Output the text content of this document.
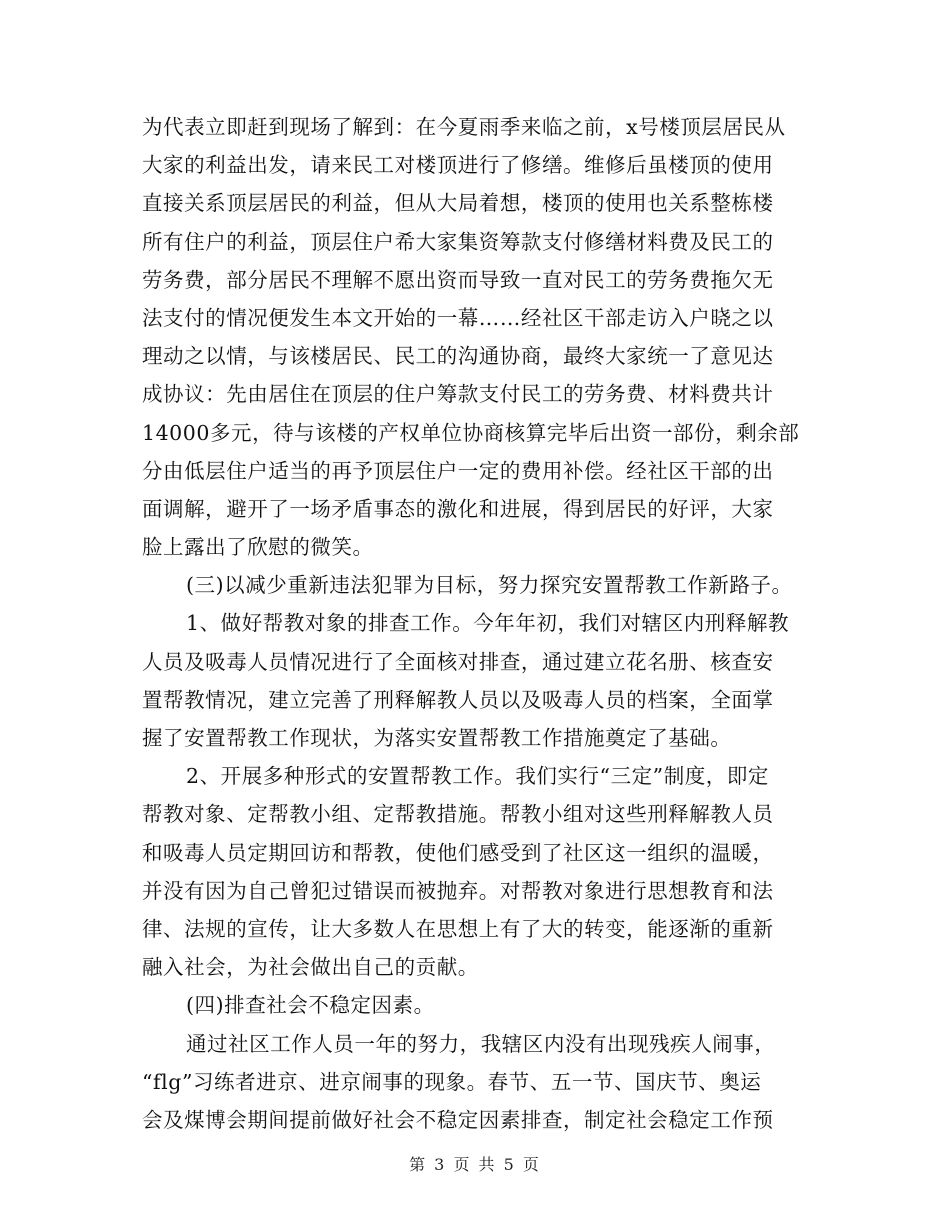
为代表立即赶到现场了解到：在今夏雨季来临之前，x号楼顶层居民从
大家的利益出发，请来民工对楼顶进行了修缮。维修后虽楼顶的使用
直接关系顶层居民的利益，但从大局着想，楼顶的使用也关系整栋楼
所有住户的利益，顶层住户希大家集资筹款支付修缮材料费及民工的
劳务费，部分居民不理解不愿出资而导致一直对民工的劳务费拖欠无
法支付的情况便发生本文开始的一幕……经社区干部走访入户晓之以
理动之以情，与该楼居民、民工的沟通协商，最终大家统一了意见达
成协议：先由居住在顶层的住户筹款支付民工的劳务费、材料费共计
14000多元，待与该楼的产权单位协商核算完毕后出资一部份，剩余部
分由低层住户适当的再予顶层住户一定的费用补偿。经社区干部的出
面调解，避开了一场矛盾事态的激化和进展，得到居民的好评，大家
脸上露出了欣慰的微笑。
(三)以减少重新违法犯罪为目标，努力探究安置帮教工作新路子。
1、做好帮教对象的排查工作。今年年初，我们对辖区内刑释解教
人员及吸毒人员情况进行了全面核对排查，通过建立花名册、核查安
置帮教情况，建立完善了刑释解教人员以及吸毒人员的档案，全面掌
握了安置帮教工作现状，为落实安置帮教工作措施奠定了基础。
2、开展多种形式的安置帮教工作。我们实行“三定”制度，即定
帮教对象、定帮教小组、定帮教措施。帮教小组对这些刑释解教人员
和吸毒人员定期回访和帮教，使他们感受到了社区这一组织的温暖，
并没有因为自己曾犯过错误而被抛弃。对帮教对象进行思想教育和法
律、法规的宣传，让大多数人在思想上有了大的转变，能逐渐的重新
融入社会，为社会做出自己的贡献。
(四)排查社会不稳定因素。
通过社区工作人员一年的努力，我辖区内没有出现残疾人闹事，
“flg”习练者进京、进京闹事的现象。春节、五一节、国庆节、奥运
会及煤博会期间提前做好社会不稳定因素排查，制定社会稳定工作预
第 3 页 共 5 页
